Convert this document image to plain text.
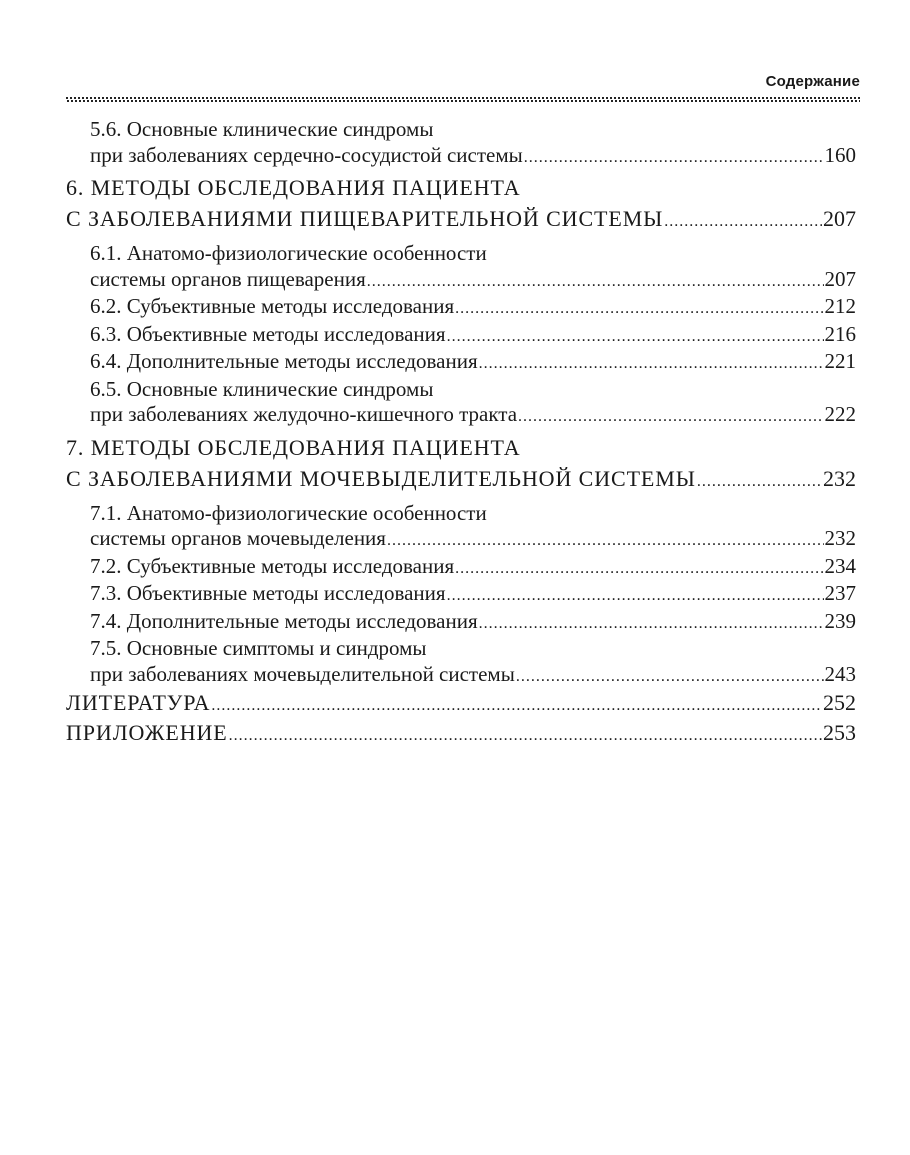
Содержание
5.6. Основные клинические синдромы
при заболеваниях сердечно-сосудистой системы .....	160
6. МЕТОДЫ ОБСЛЕДОВАНИЯ ПАЦИЕНТА
С ЗАБОЛЕВАНИЯМИ ПИЩЕВАРИТЕЛЬНОЙ СИСТЕМЫ .....	207
6.1. Анатомо-физиологические особенности
системы органов пищеварения .....	207
6.2. Субъективные методы исследования .....	212
6.3. Объективные методы исследования .....	216
6.4. Дополнительные методы исследования .....	221
6.5. Основные клинические синдромы
при заболеваниях желудочно-кишечного тракта .....	222
7. МЕТОДЫ ОБСЛЕДОВАНИЯ ПАЦИЕНТА
С ЗАБОЛЕВАНИЯМИ МОЧЕВЫДЕЛИТЕЛЬНОЙ СИСТЕМЫ .....	232
7.1. Анатомо-физиологические особенности
системы органов мочевыделения .....	232
7.2. Субъективные методы исследования .....	234
7.3. Объективные методы исследования .....	237
7.4. Дополнительные методы исследования .....	239
7.5. Основные симптомы и синдромы
при заболеваниях мочевыделительной системы .....	243
ЛИТЕРАТУРА .....	252
ПРИЛОЖЕНИЕ .....	253
